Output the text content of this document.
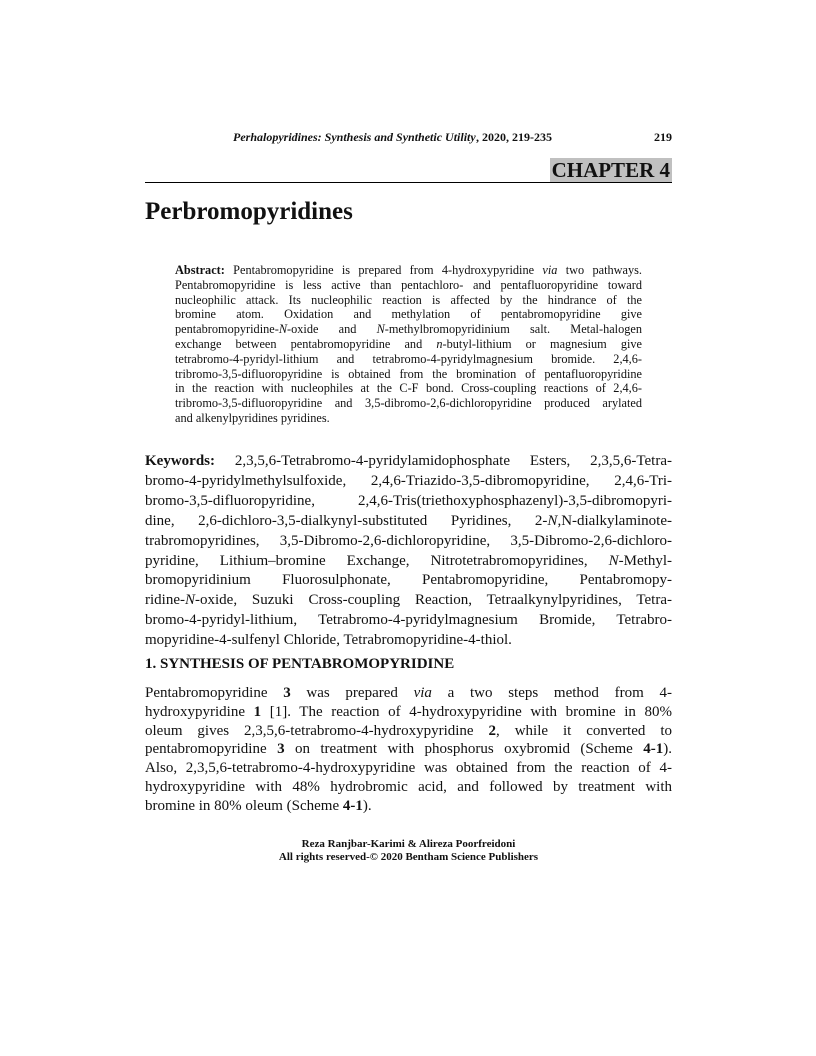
Perhalopyridines: Synthesis and Synthetic Utility , 2020, 219-235	219
CHAPTER 4
Perbromopyridines
Abstract: Pentabromopyridine is prepared from 4-hydroxypyridine via two pathways.
Pentabromopyridine is less active than pentachloro- and pentafluoropyridine toward
nucleophilic attack. Its nucleophilic reaction is affected by the hindrance of the
bromine atom. Oxidation and methylation of pentabromopyridine give
pentabromopyridine-N-oxide and N-methylbromopyridinium salt. Metal-halogen
exchange between pentabromopyridine and n-butyl-lithium or magnesium give
tetrabromo-4-pyridyl-lithium and tetrabromo-4-pyridylmagnesium bromide. 2,4,6-
tribromo-3,5-difluoropyridine is obtained from the bromination of pentafluoropyridine
in the reaction with nucleophiles at the C-F bond. Cross-coupling reactions of 2,4,6-
tribromo-3,5-difluoropyridine and 3,5-dibromo-2,6-dichloropyridine produced arylated
and alkenylpyridines pyridines.
Keywords: 2,3,5,6-Tetrabromo-4-pyridylamidophosphate Esters, 2,3,5,6-Tetra-
bromo-4-pyridylmethylsulfoxide, 2,4,6-Triazido-3,5-dibromopyridine, 2,4,6-Tri-
bromo-3,5-difluoropyridine, 2,4,6-Tris(triethoxyphosphazenyl)-3,5-dibromopyri-
dine, 2,6-dichloro-3,5-dialkynyl-substituted Pyridines, 2-N,N-dialkylaminote-
trabromopyridines, 3,5-Dibromo-2,6-dichloropyridine, 3,5-Dibromo-2,6-dichloro-
pyridine, Lithium–bromine Exchange, Nitrotetrabromopyridines, N-Methyl-
bromopyridinium Fluorosulphonate, Pentabromopyridine, Pentabromopy-
ridine-N-oxide, Suzuki Cross-coupling Reaction, Tetraalkynylpyridines, Tetra-
bromo-4-pyridyl-lithium, Tetrabromo-4-pyridylmagnesium Bromide, Tetrabro-
mopyridine-4-sulfenyl Chloride, Tetrabromopyridine-4-thiol.
1. SYNTHESIS OF PENTABROMOPYRIDINE
Pentabromopyridine 3 was prepared via a two steps method from 4-
hydroxypyridine 1 [1]. The reaction of 4-hydroxypyridine with bromine in 80%
oleum gives 2,3,5,6-tetrabromo-4-hydroxypyridine 2, while it converted to
pentabromopyridine 3 on treatment with phosphorus oxybromid (Scheme 4-1).
Also, 2,3,5,6-tetrabromo-4-hydroxypyridine was obtained from the reaction of 4-
hydroxypyridine with 48% hydrobromic acid, and followed by treatment with
bromine in 80% oleum (Scheme 4-1).
Reza Ranjbar-Karimi & Alireza Poorfreidoni
All rights reserved-© 2020 Bentham Science Publishers
